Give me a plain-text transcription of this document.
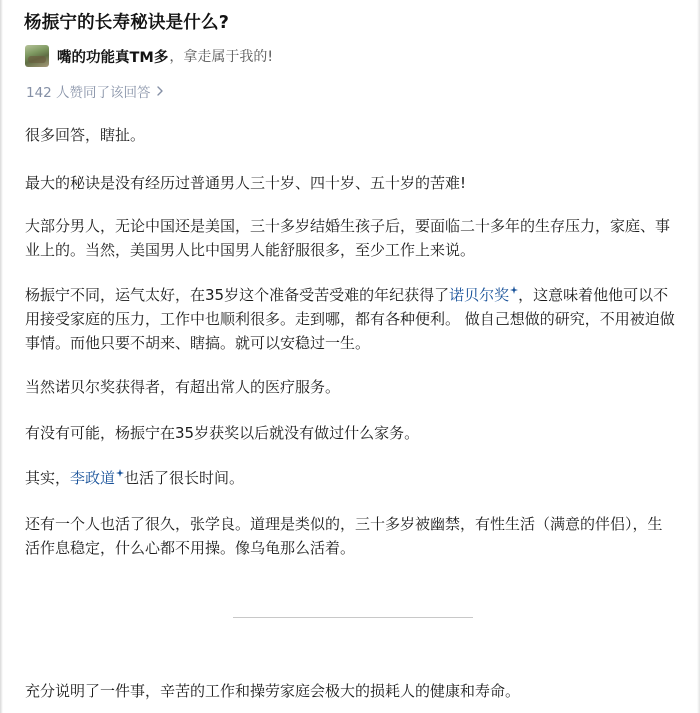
杨振宁的长寿秘诀是什么?
嘴的功能真TM多 ，拿走属于我的!
142 人赞同了该回答

很多回答，瞎扯。

最大的秘诀是没有经历过普通男人三十岁、四十岁、五十岁的苦难!

大部分男人，无论中国还是美国，三十多岁结婚生孩子后，要面临二十多年的生存压力，家庭、事业上的。当然，美国男人比中国男人能舒服很多，至少工作上来说。

杨振宁不同，运气太好，在35岁这个准备受苦受难的年纪获得了诺贝尔奖 ，这意味着他他可以不用接受家庭的压力，工作中也顺利很多。走到哪，都有各种便利。 做自己想做的研究，不用被迫做事情。而他只要不胡来、瞎搞。就可以安稳过一生。

当然诺贝尔奖获得者，有超出常人的医疗服务。

有没有可能，杨振宁在35岁获奖以后就没有做过什么家务。

其实，李政道 也活了很长时间。

还有一个人也活了很久，张学良。道理是类似的，三十多岁被幽禁，有性生活（满意的伴侣），生活作息稳定，什么心都不用操。像乌龟那么活着。

充分说明了一件事，辛苦的工作和操劳家庭会极大的损耗人的健康和寿命。
